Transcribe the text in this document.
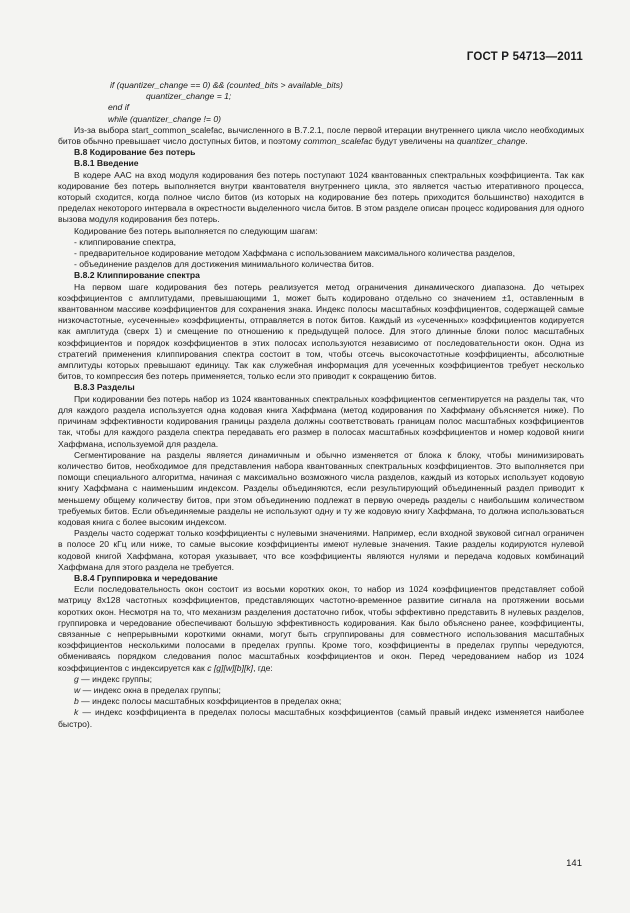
ГОСТ Р 54713—2011

if (quantizer_change == 0) && (counted_bits > available_bits)

quantizer_change = 1;

end if

while (quantizer_change != 0)

Из-за выбора start_common_scalefac, вычисленного в В.7.2.1, после первой итерации внутреннего цикла число необходимых битов обычно превышает число доступных битов, и поэтому common_scalefac будут увеличены на quantizer_change.

В.8 Кодирование без потерь

В.8.1 Введение

В кодере ААС на вход модуля кодирования без потерь поступают 1024 квантованных спектральных коэффициента. Так как кодирование без потерь выполняется внутри квантователя внутреннего цикла, это является частью итеративного процесса, который сходится, когда полное число битов (из которых на кодирование без потерь приходится большинство) находится в пределах некоторого интервала в окрестности выделенного числа битов. В этом разделе описан процесс кодирования для одного вызова модуля кодирования без потерь.

Кодирование без потерь выполняется по следующим шагам:

- клиппирование спектра,

- предварительное кодирование методом Хаффмана с использованием максимального количества разделов,

- объединение разделов для достижения минимального количества битов.

В.8.2 Клиппирование спектра

На первом шаге кодирования без потерь реализуется метод ограничения динамического диапазона. До четырех коэффициентов с амплитудами, превышающими 1, может быть кодировано отдельно со значением ±1, оставленным в квантованном массиве коэффициентов для сохранения знака. Индекс полосы масштабных коэффициентов, содержащей самые низкочастотные, «усеченные» коэффициенты, отправляется в поток битов. Каждый из «усеченных» коэффициентов кодируется как амплитуда (сверх 1) и смещение по отношению к предыдущей полосе. Для этого длинные блоки полос масштабных коэффициентов и порядок коэффициентов в этих полосах используются независимо от последовательности окон. Одна из стратегий применения клиппирования спектра состоит в том, чтобы отсечь высокочастотные коэффициенты, абсолютные амплитуды которых превышают единицу. Так как служебная информация для усеченных коэффициентов требует несколько битов, то компрессия без потерь применяется, только если это приводит к сокращению битов.

В.8.3 Разделы

При кодировании без потерь набор из 1024 квантованных спектральных коэффициентов сегментируется на разделы так, что для каждого раздела используется одна кодовая книга Хаффмана (метод кодирования по Хаффману объясняется ниже). По причинам эффективности кодирования границы раздела должны соответствовать границам полос масштабных коэффициентов так, чтобы для каждого раздела спектра передавать его размер в полосах масштабных коэффициентов и номер кодовой книги Хаффмана, используемой для раздела.

Сегментирование на разделы является динамичным и обычно изменяется от блока к блоку, чтобы минимизировать количество битов, необходимое для представления набора квантованных спектральных коэффициентов. Это выполняется при помощи специального алгоритма, начиная с максимально возможного числа разделов, каждый из которых использует кодовую книгу Хаффмана с наименьшим индексом. Разделы объединяются, если результирующий объединенный раздел приводит к меньшему общему количеству битов, при этом объединению подлежат в первую очередь разделы с наибольшим количеством требуемых битов. Если объединяемые разделы не используют одну и ту же кодовую книгу Хаффмана, то должна использоваться кодовая книга с более высоким индексом.

Разделы часто содержат только коэффициенты с нулевыми значениями. Например, если входной звуковой сигнал ограничен в полосе 20 кГц или ниже, то самые высокие коэффициенты имеют нулевые значения. Такие разделы кодируются нулевой кодовой книгой Хаффмана, которая указывает, что все коэффициенты являются нулями и передача кодовых комбинаций Хаффмана для этого раздела не требуется.

В.8.4 Группировка и чередование

Если последовательность окон состоит из восьми коротких окон, то набор из 1024 коэффициентов представляет собой матрицу 8x128 частотных коэффициентов, представляющих частотно-временное развитие сигнала на протяжении восьми коротких окон. Несмотря на то, что механизм разделения достаточно гибок, чтобы эффективно представить 8 нулевых разделов, группировка и чередование обеспечивают большую эффективность кодирования. Как было объяснено ранее, коэффициенты, связанные с непрерывными короткими окнами, могут быть сгруппированы для совместного использования масштабных коэффициентов несколькими полосами в пределах группы. Кроме того, коэффициенты в пределах группы чередуются, обмениваясь порядком следования полос масштабных коэффициентов и окон. Перед чередованием набор из 1024 коэффициентов с индексируется как c [g][w][b][k], где:

g — индекс группы;

w — индекс окна в пределах группы;

b — индекс полосы масштабных коэффициентов в пределах окна;

k — индекс коэффициента в пределах полосы масштабных коэффициентов (самый правый индекс изменяется наиболее быстро).

141
